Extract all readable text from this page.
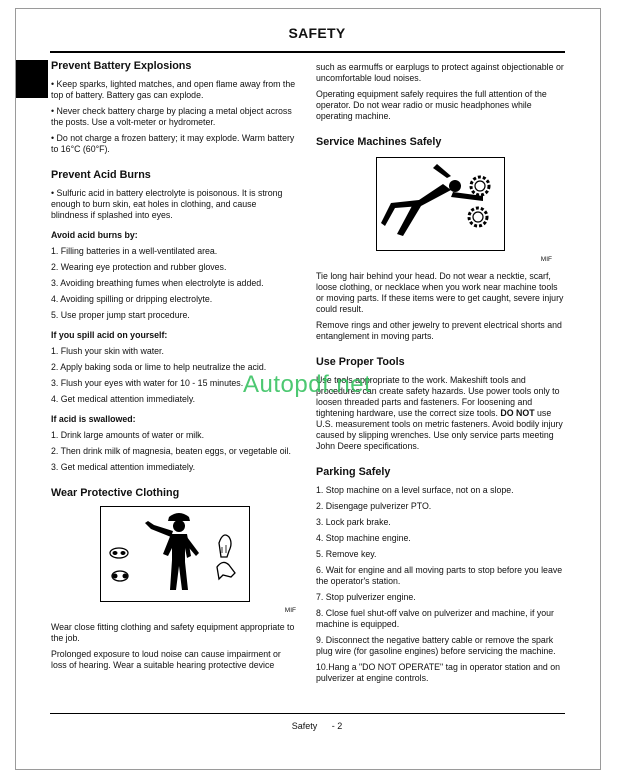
SAFETY
Prevent Battery Explosions
• Keep sparks, lighted matches, and open flame away from the top of battery. Battery gas can explode.
• Never check battery charge by placing a metal object across the posts. Use a volt-meter or hydrometer.
• Do not charge a frozen battery; it may explode. Warm battery to 16°C (60°F).
Prevent Acid Burns
• Sulfuric acid in battery electrolyte is poisonous. It is strong enough to burn skin, eat holes in clothing, and cause blindness if splashed into eyes.
Avoid acid burns by:
1. Filling batteries in a well-ventilated area.
2. Wearing eye protection and rubber gloves.
3. Avoiding breathing fumes when electrolyte is added.
4. Avoiding spilling or dripping electrolyte.
5. Use proper jump start procedure.
If you spill acid on yourself:
1. Flush your skin with water.
2. Apply baking soda or lime to help neutralize the acid.
3. Flush your eyes with water for 10 - 15 minutes.
4. Get medical attention immediately.
If acid is swallowed:
1. Drink large amounts of water or milk.
2. Then drink milk of magnesia, beaten eggs, or vegetable oil.
3. Get medical attention immediately.
Wear Protective Clothing
MIF
Wear close fitting clothing and safety equipment appropriate to the job.
Prolonged exposure to loud noise can cause impairment or loss of hearing. Wear a suitable hearing protective device
such as earmuffs or earplugs to protect against objectionable or uncomfortable loud noises.
Operating equipment safely requires the full attention of the operator. Do not wear radio or music headphones while operating machine.
Service Machines Safely
MIF
Tie long hair behind your head. Do not wear a necktie, scarf, loose clothing, or necklace when you work near machine tools or moving parts. If these items were to get caught, severe injury could result.
Remove rings and other jewelry to prevent electrical shorts and entanglement in moving parts.
Use Proper Tools
Use tools appropriate to the work. Makeshift tools and procedures can create safety hazards. Use power tools only to loosen threaded parts and fasteners. For loosening and tightening hardware, use the correct size tools. DO NOT use U.S. measurement tools on metric fasteners. Avoid bodily injury caused by slipping wrenches. Use only service parts meeting John Deere specifications.
Parking Safely
1. Stop machine on a level surface, not on a slope.
2. Disengage pulverizer PTO.
3. Lock park brake.
4. Stop machine engine.
5. Remove key.
6. Wait for engine and all moving parts to stop before you leave the operator's station.
7. Stop pulverizer engine.
8. Close fuel shut-off valve on pulverizer and machine, if your machine is equipped.
9. Disconnect the negative battery cable or remove the spark plug wire (for gasoline engines) before servicing the machine.
10.Hang a "DO NOT OPERATE" tag in operator station and on pulverizer at engine controls.
Safety - 2
Autopdf.net
